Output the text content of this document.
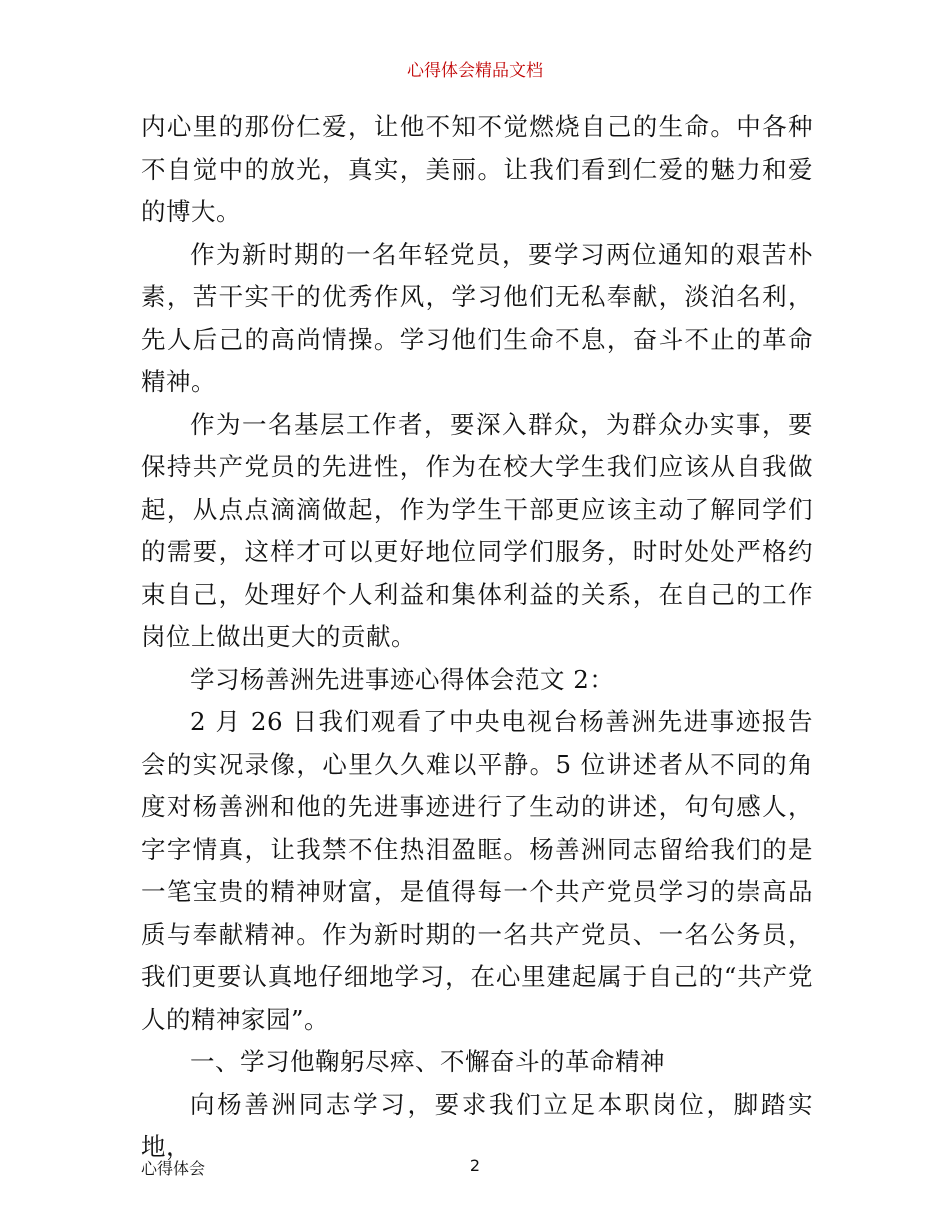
心得体会精品文档

内心里的那份仁爱，让他不知不觉燃烧自己的生命。中各种不自觉中的放光，真实，美丽。让我们看到仁爱的魅力和爱的博大。

作为新时期的一名年轻党员，要学习两位通知的艰苦朴素，苦干实干的优秀作风，学习他们无私奉献，淡泊名利，先人后己的高尚情操。学习他们生命不息，奋斗不止的革命精神。

作为一名基层工作者，要深入群众，为群众办实事，要保持共产党员的先进性，作为在校大学生我们应该从自我做起，从点点滴滴做起，作为学生干部更应该主动了解同学们的需要，这样才可以更好地位同学们服务，时时处处严格约束自己，处理好个人利益和集体利益的关系，在自己的工作岗位上做出更大的贡献。

学习杨善洲先进事迹心得体会范文 2：

2 月 26 日我们观看了中央电视台杨善洲先进事迹报告会的实况录像，心里久久难以平静。5 位讲述者从不同的角度对杨善洲和他的先进事迹进行了生动的讲述，句句感人，字字情真，让我禁不住热泪盈眶。杨善洲同志留给我们的是一笔宝贵的精神财富，是值得每一个共产党员学习的崇高品质与奉献精神。作为新时期的一名共产党员、一名公务员，我们更要认真地仔细地学习，在心里建起属于自己的“共产党人的精神家园”。

一、学习他鞠躬尽瘁、不懈奋斗的革命精神

向杨善洲同志学习，要求我们立足本职岗位，脚踏实地，

心得体会	2
